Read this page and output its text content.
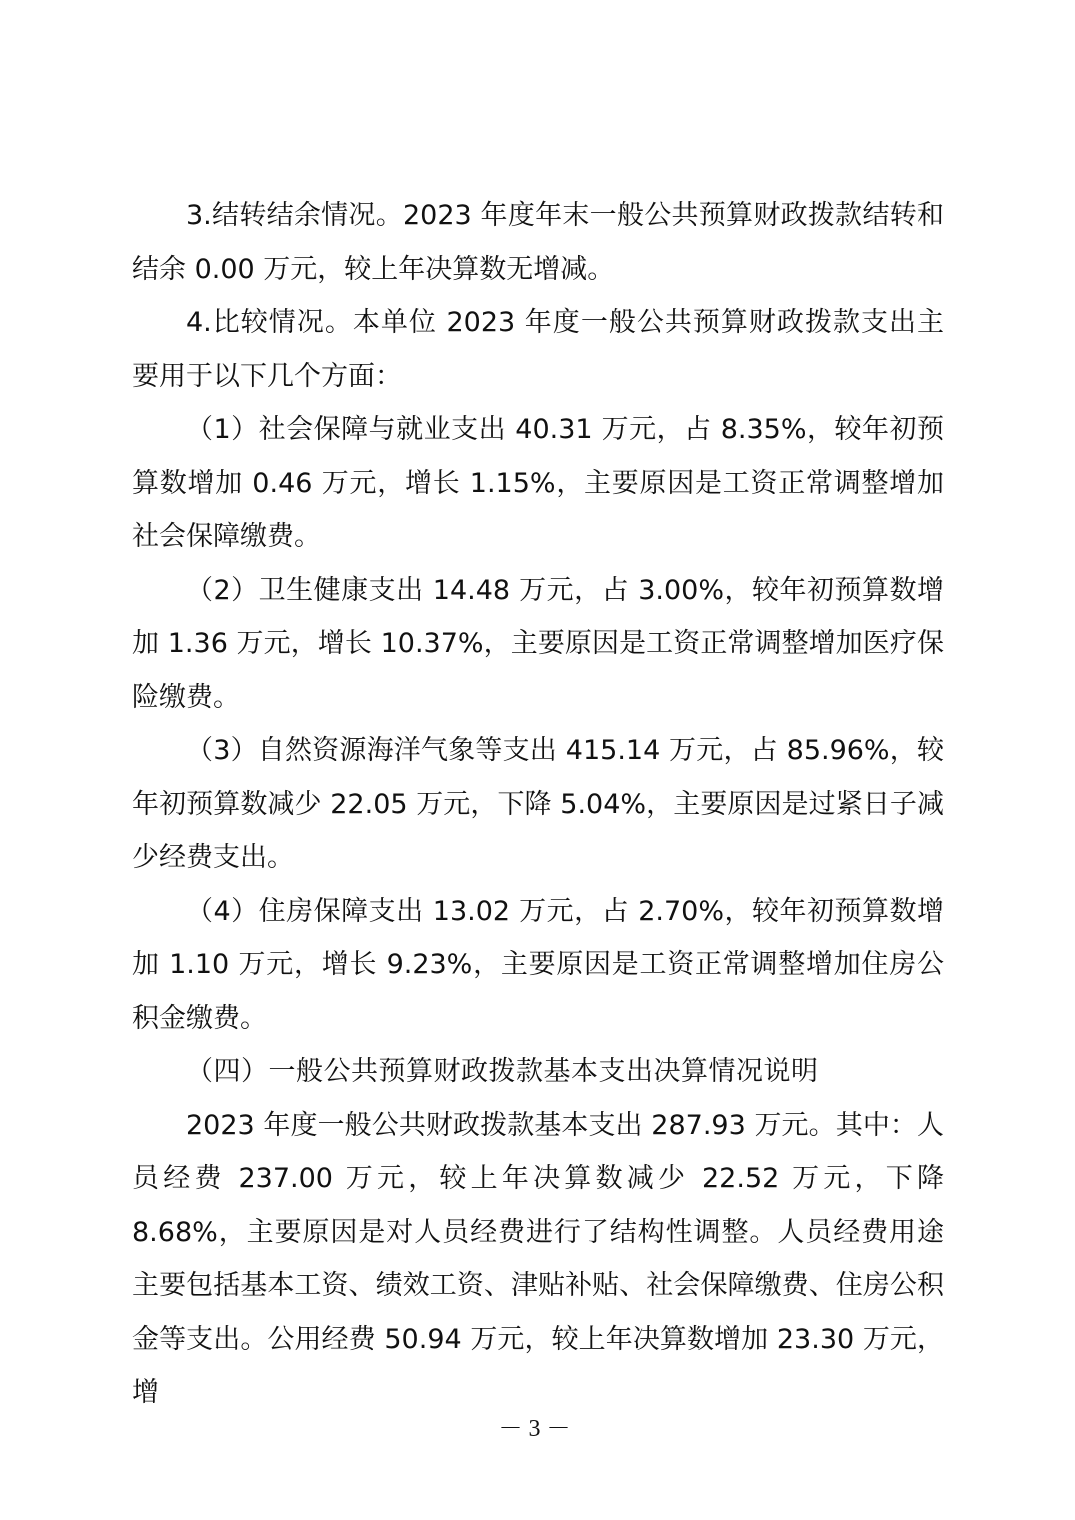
3.结转结余情况。2023 年度年末一般公共预算财政拨款结转和结余 0.00 万元，较上年决算数无增减。

4.比较情况。本单位 2023 年度一般公共预算财政拨款支出主要用于以下几个方面：

（1）社会保障与就业支出 40.31 万元，占 8.35%，较年初预算数增加 0.46 万元，增长 1.15%，主要原因是工资正常调整增加社会保障缴费。

（2）卫生健康支出 14.48 万元，占 3.00%，较年初预算数增加 1.36 万元，增长 10.37%，主要原因是工资正常调整增加医疗保险缴费。

（3）自然资源海洋气象等支出 415.14 万元，占 85.96%，较年初预算数减少 22.05 万元，下降 5.04%，主要原因是过紧日子减少经费支出。

（4）住房保障支出 13.02 万元，占 2.70%，较年初预算数增加 1.10 万元，增长 9.23%，主要原因是工资正常调整增加住房公积金缴费。

（四）一般公共预算财政拨款基本支出决算情况说明

2023 年度一般公共财政拨款基本支出 287.93 万元。其中：人员经费 237.00 万元，较上年决算数减少 22.52 万元，下降 8.68%，主要原因是对人员经费进行了结构性调整。人员经费用途主要包括基本工资、绩效工资、津贴补贴、社会保障缴费、住房公积金等支出。公用经费 50.94 万元，较上年决算数增加 23.30 万元，增

－3－
